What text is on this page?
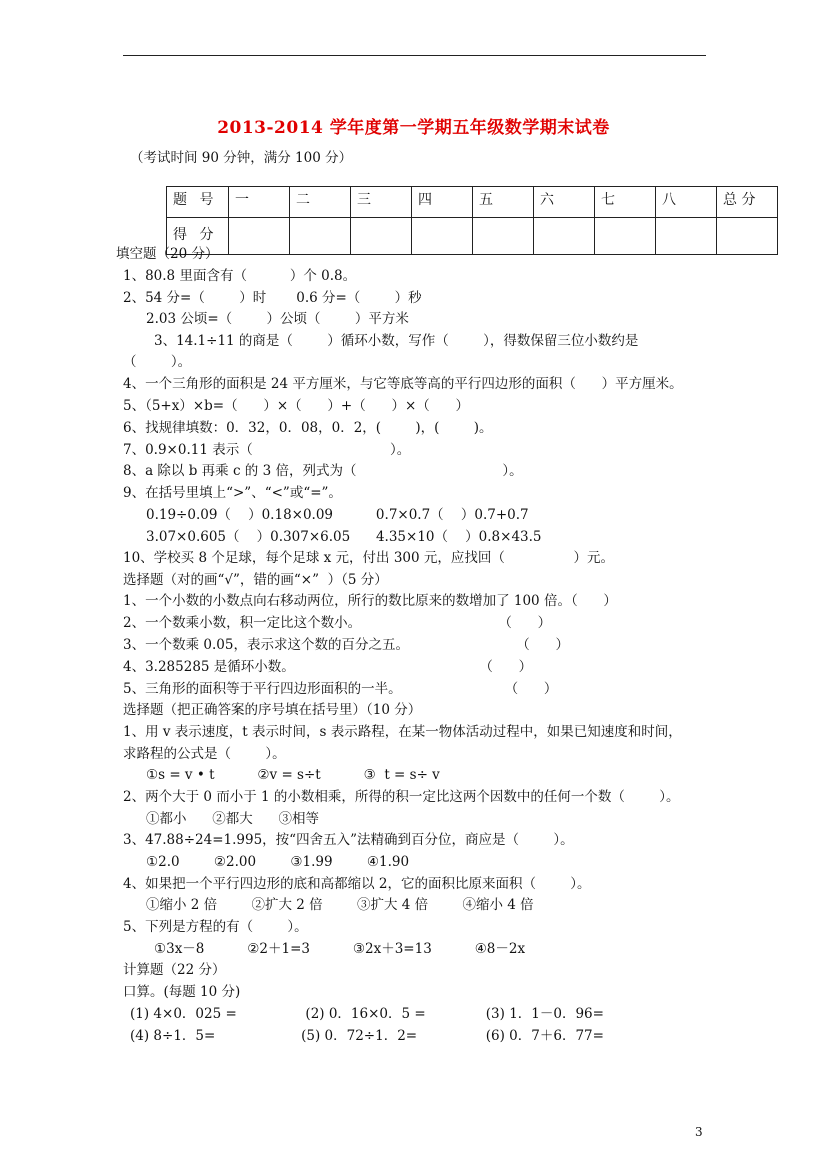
2013-2014 学年度第一学期五年级数学期末试卷
（考试时间 90 分钟，满分 100 分）
题 号	一	二	三	四	五	六	七	八	总 分
得 分									
填空题（20 分）
1、80.8 里面含有（          ）个 0.8。
2、54 分=（        ）时       0.6 分=（        ）秒
2.03 公顷=（        ）公顷（        ）平方米
3、14.1÷11 的商是（        ）循环小数，写作（        ），得数保留三位小数约是
（        ）。
4、一个三角形的面积是 24 平方厘米，与它等底等高的平行四边形的面积（      ）平方厘米。
5、（5+x）×b=（      ）×（      ）+（      ）×（      ）
6、找规律填数：0．32，0．08，0．2，(        )，(        )。
7、0.9×0.11 表示（                                ）。
8、a 除以 b 再乘 c 的 3 倍，列式为（                                  ）。
9、在括号里填上“>”、“<”或“=”。
0.19÷0.09（    ）0.18×0.09          0.7×0.7（    ）0.7+0.7
3.07×0.605（    ）0.307×6.05      4.35×10（    ）0.8×43.5
10、学校买 8 个足球，每个足球 x 元，付出 300 元，应找回（                ）元。
选择题（对的画“√”，错的画“×”  ）（5 分）
1、一个小数的小数点向右移动两位，所行的数比原来的数增加了 100 倍。（      ）
2、一个数乘小数，积一定比这个数小。                                （      ）
3、一个数乘 0.05，表示求这个数的百分之五。                         （      ）
4、3.285285 是循环小数。                                           （      ）
5、三角形的面积等于平行四边形面积的一半。                        （      ）
选择题（把正确答案的序号填在括号里）（10 分）
1、用 v 表示速度，t 表示时间，s 表示路程，在某一物体活动过程中，如果已知速度和时间，
求路程的公式是（        ）。
①s = v • t          ②v = s÷t          ③  t = s÷ v
2、两个大于 0 而小于 1 的小数相乘，所得的积一定比这两个因数中的任何一个数（        ）。
①都小      ②都大      ③相等
3、47.88÷24=1.995，按“四舍五入”法精确到百分位，商应是（        ）。
①2.0        ②2.00        ③1.99        ④1.90
4、如果把一个平行四边形的底和高都缩以 2，它的面积比原来面积（        ）。
①缩小 2 倍        ②扩大 2 倍        ③扩大 4 倍        ④缩小 4 倍
5、下列是方程的有（        ）。
①3x－8          ②2＋1=3          ③2x＋3=13          ④8－2x
计算题（22 分）
口算。(每题 10 分)
(1) 4×0．025 =                (2) 0．16×0．5 =              (3) 1．1－0．96=
(4) 8÷1．5=                    (5) 0．72÷1．2=                (6) 0．7＋6．77=
3
